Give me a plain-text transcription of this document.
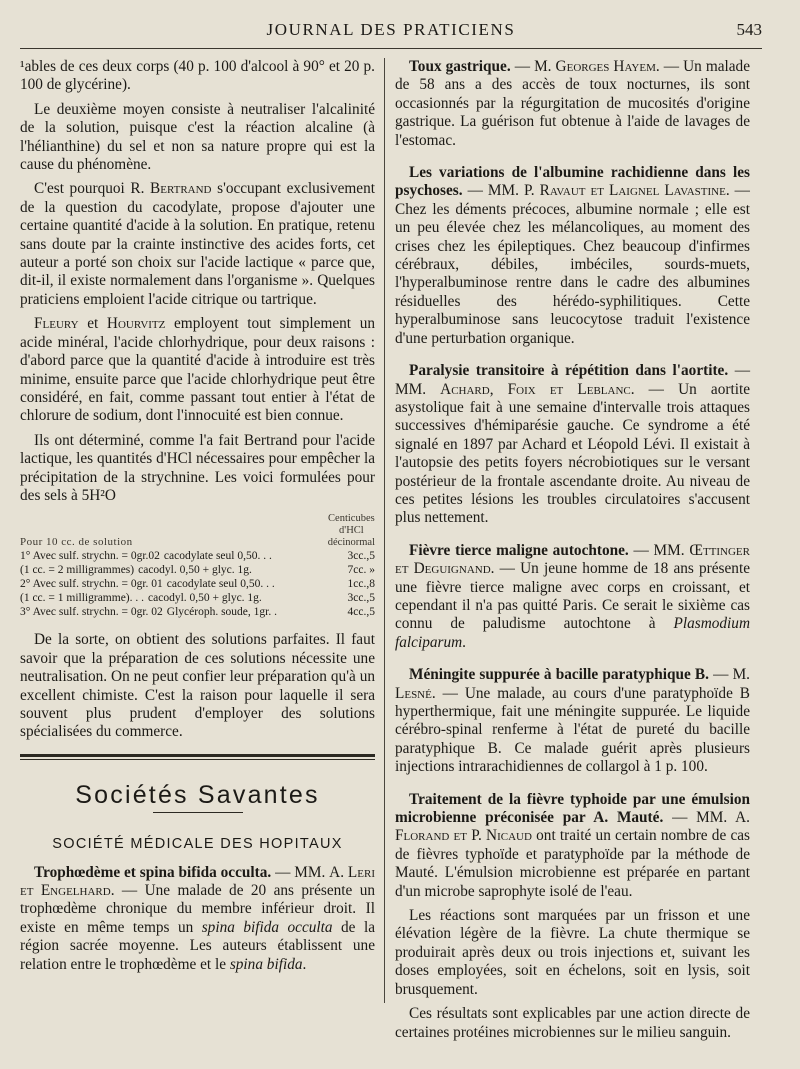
JOURNAL DES PRATICIENS	543

¹ables de ces deux corps (40 p. 100 d'alcool à 90° et 20 p. 100 de glycérine).

Le deuxième moyen consiste à neutraliser l'alcalinité de la solution, puisque c'est la réaction alcaline (à l'hélianthine) du sel et non sa nature propre qui est la cause du phénomène.

C'est pourquoi R. Bertrand s'occupant exclusivement de la question du cacodylate, propose d'ajouter une certaine quantité d'acide à la solution. En pratique, retenu sans doute par la crainte instinctive des acides forts, cet auteur a porté son choix sur l'acide lactique « parce que, dit-il, il existe normalement dans l'organisme ». Quelques praticiens emploient l'acide citrique ou tartrique.

Fleury et Hourvitz employent tout simplement un acide minéral, l'acide chlorhydrique, pour deux raisons : d'abord parce que la quantité d'acide à introduire est très minime, ensuite parce que l'acide chlorhydrique peut être considéré, en fait, comme passant tout entier à l'état de chlorure de sodium, dont l'innocuité est bien connue.

Ils ont déterminé, comme l'a fait Bertrand pour l'acide lactique, les quantités d'HCl nécessaires pour empêcher la précipitation de la strychnine. Les voici formulées pour des sels à 5H²O

Pour 10 cc. de solution
Centicubes
d'HCl
décinormal
1° Avec sulf. strychn. = 0gr.02 cacodylate seul 0,50. . .	3cc.,5
(1 cc. = 2 milligrammes) cacodyl. 0,50 + glyc. 1g.	7cc. »
2° Avec sulf. strychn. = 0gr. 01 cacodylate seul 0,50. . .	1cc.,8
(1 cc. = 1 milligramme). . . cacodyl. 0,50 + glyc. 1g.	3cc.,5
3° Avec sulf. strychn. = 0gr. 02 Glycéroph. soude, 1gr. .	4cc.,5

De la sorte, on obtient des solutions parfaites. Il faut savoir que la préparation de ces solutions nécessite une neutralisation. On ne peut confier leur préparation qu'à un excellent chimiste. C'est la raison pour laquelle il sera souvent plus prudent d'employer des solutions spécialisées du commerce.

Sociétés Savantes
SOCIÉTÉ MÉDICALE DES HOPITAUX

Trophœdème et spina bifida occulta. — MM. A. Leri et Engelhard. — Une malade de 20 ans présente un trophœdème chronique du membre inférieur droit. Il existe en même temps un spina bifida occulta de la région sacrée moyenne. Les auteurs établissent une relation entre le trophœdème et le spina bifida.

Toux gastrique. — M. Georges Hayem. — Un malade de 58 ans a des accès de toux nocturnes, ils sont occasionnés par la régurgitation de mucosités d'origine gastrique. La guérison fut obtenue à l'aide de lavages de l'estomac.

Les variations de l'albumine rachidienne dans les psychoses. — MM. P. Ravaut et Laignel Lavastine. — Chez les déments précoces, albumine normale ; elle est un peu élevée chez les mélancoliques, au moment des crises chez les épileptiques. Chez beaucoup d'infirmes cérébraux, débiles, imbéciles, sourds-muets, l'hyperalbuminose rentre dans le cadre des albumines résiduelles des hérédo-syphilitiques. Cette hyperalbuminose sans leucocytose traduit l'existence d'une perturbation organique.

Paralysie transitoire à répétition dans l'aortite. — MM. Achard, Foix et Leblanc. — Un aortite asystolique fait à une semaine d'intervalle trois attaques successives d'hémiparésie gauche. Ce syndrome a été signalé en 1897 par Achard et Léopold Lévi. Il existait à l'autopsie des petits foyers nécrobiotiques sur le versant postérieur de la frontale ascendante droite. Au niveau de ces petites lésions les troubles circulatoires s'accusent plus nettement.

Fièvre tierce maligne autochtone. — MM. Œttinger et Deguignand. — Un jeune homme de 18 ans présente une fièvre tierce maligne avec corps en croissant, et cependant il n'a pas quitté Paris. Ce serait le sixième cas connu de paludisme autochtone à Plasmodium falciparum.

Méningite suppurée à bacille paratyphique B. — M. Lesné. — Une malade, au cours d'une paratyphoïde B hyperthermique, fait une méningite suppurée. Le liquide cérébro-spinal renferme à l'état de pureté du bacille paratyphique B. Ce malade guérit après plusieurs injections intrarachidiennes de collargol à 1 p. 100.

Traitement de la fièvre typhoide par une émulsion microbienne préconisée par A. Mauté. — MM. A. Florand et P. Nicaud ont traité un certain nombre de cas de fièvres typhoïde et paratyphoïde par la méthode de Mauté. L'émulsion microbienne est préparée en partant d'un microbe saprophyte isolé de l'eau.

Les réactions sont marquées par un frisson et une élévation légère de la fièvre. La chute thermique se produirait après deux ou trois injections et, suivant les doses employées, soit en échelons, soit en lysis, soit brusquement.

Ces résultats sont explicables par une action directe de certaines protéines microbiennes sur le milieu sanguin.
